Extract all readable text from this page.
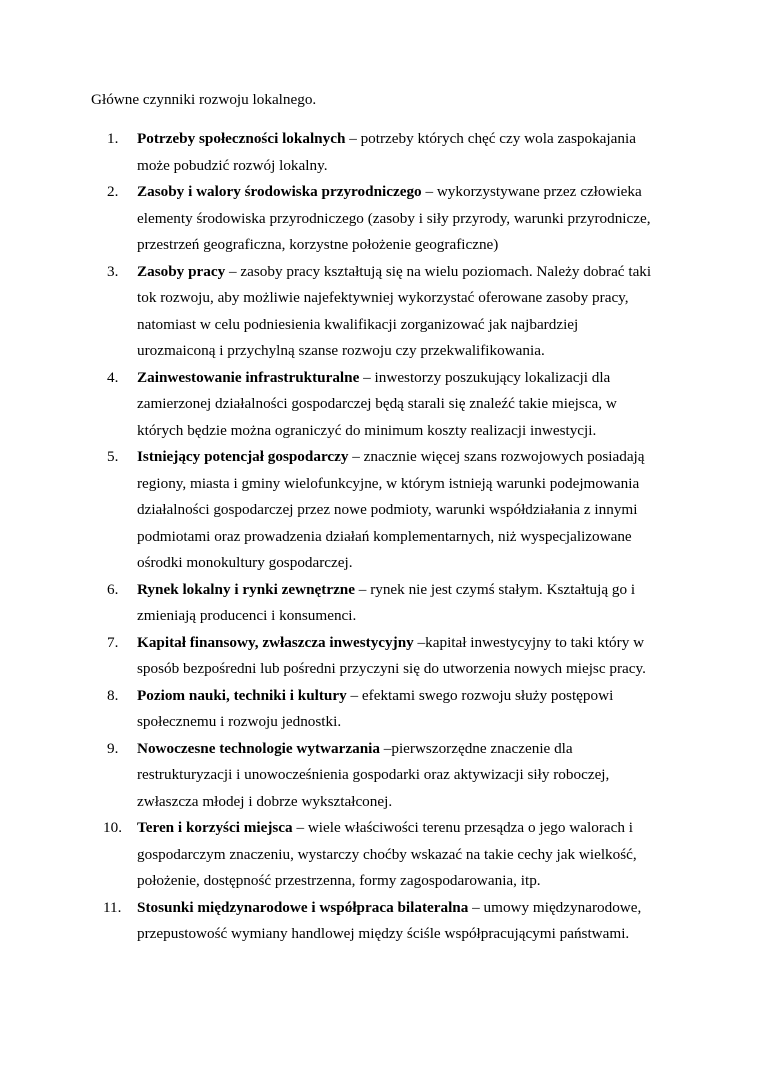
Główne czynniki rozwoju lokalnego.
1.	Potrzeby społeczności lokalnych – potrzeby których chęć czy wola zaspokajania może pobudzić rozwój lokalny.
2.	Zasoby i walory środowiska przyrodniczego – wykorzystywane przez człowieka elementy środowiska przyrodniczego (zasoby i siły przyrody, warunki przyrodnicze, przestrzeń geograficzna, korzystne położenie geograficzne)
3.	Zasoby pracy – zasoby pracy kształtują się na wielu poziomach. Należy dobrać taki tok rozwoju, aby możliwie najefektywniej wykorzystać oferowane zasoby pracy, natomiast w celu podniesienia kwalifikacji zorganizować jak najbardziej urozmaiconą i przychylną szanse rozwoju czy przekwalifikowania.
4.	Zainwestowanie infrastrukturalne – inwestorzy poszukujący lokalizacji dla zamierzonej działalności gospodarczej będą starali się znaleźć takie miejsca, w których będzie można ograniczyć do minimum koszty realizacji inwestycji.
5.	Istniejący potencjał gospodarczy – znacznie więcej szans rozwojowych posiadają regiony, miasta i gminy wielofunkcyjne, w którym istnieją warunki podejmowania działalności gospodarczej przez nowe podmioty, warunki współdziałania z innymi podmiotami oraz prowadzenia działań komplementarnych, niż wyspecjalizowane ośrodki monokultury gospodarczej.
6.	Rynek lokalny i rynki zewnętrzne – rynek nie jest czymś stałym. Kształtują go i zmieniają producenci i konsumenci.
7.	Kapitał finansowy, zwłaszcza inwestycyjny –kapitał inwestycyjny to taki który w sposób bezpośredni lub pośredni przyczyni się do utworzenia nowych miejsc pracy.
8.	Poziom nauki, techniki i kultury – efektami swego rozwoju służy postępowi społecznemu i rozwoju jednostki.
9.	Nowoczesne technologie wytwarzania –pierwszorzędne znaczenie dla restrukturyzacji i unowocześnienia gospodarki oraz aktywizacji siły roboczej, zwłaszcza młodej i dobrze wykształconej.
10. Teren i korzyści miejsca – wiele właściwości terenu przesądza o jego walorach i gospodarczym znaczeniu, wystarczy choćby wskazać na takie cechy jak wielkość, położenie, dostępność przestrzenna, formy zagospodarowania, itp.
11.	Stosunki międzynarodowe i współpraca bilateralna – umowy międzynarodowe, przepustowość wymiany handlowej między ściśle współpracującymi państwami.
